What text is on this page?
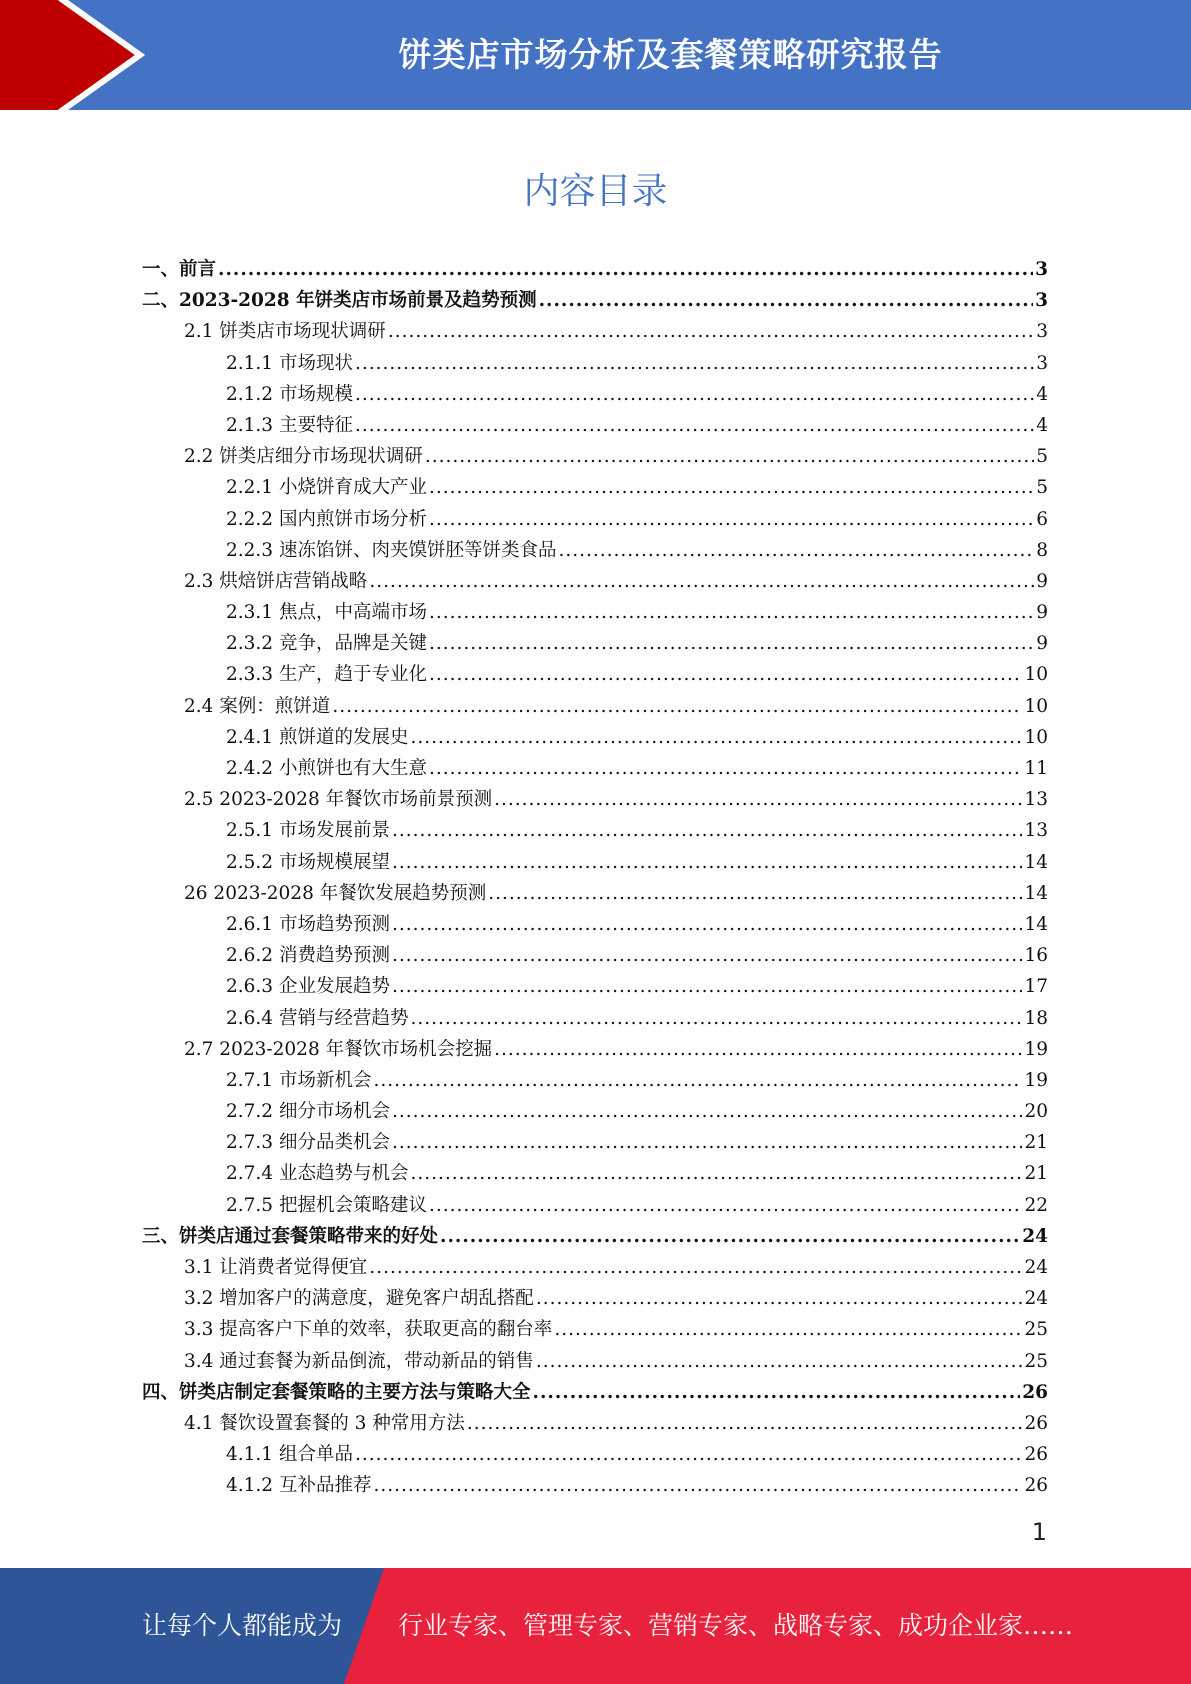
饼类店市场分析及套餐策略研究报告
内容目录
一、前言 .....	3
二、2023-2028 年饼类店市场前景及趋势预测 .....	3
2.1 饼类店市场现状调研 .....	3
2.1.1 市场现状 .....	3
2.1.2 市场规模 .....	4
2.1.3 主要特征 .....	4
2.2 饼类店细分市场现状调研 .....	5
2.2.1 小烧饼育成大产业 .....	5
2.2.2 国内煎饼市场分析 .....	6
2.2.3 速冻馅饼、肉夹馍饼胚等饼类食品 .....	8
2.3 烘焙饼店营销战略 .....	9
2.3.1 焦点，中高端市场 .....	9
2.3.2 竞争，品牌是关键 .....	9
2.3.3 生产，趋于专业化 .....	10
2.4 案例：煎饼道 .....	10
2.4.1 煎饼道的发展史 .....	10
2.4.2 小煎饼也有大生意 .....	11
2.5 2023-2028 年餐饮市场前景预测 .....	13
2.5.1 市场发展前景 .....	13
2.5.2 市场规模展望 .....	14
26 2023-2028 年餐饮发展趋势预测 .....	14
2.6.1 市场趋势预测 .....	14
2.6.2 消费趋势预测 .....	16
2.6.3 企业发展趋势 .....	17
2.6.4 营销与经营趋势 .....	18
2.7 2023-2028 年餐饮市场机会挖掘 .....	19
2.7.1 市场新机会 .....	19
2.7.2 细分市场机会 .....	20
2.7.3 细分品类机会 .....	21
2.7.4 业态趋势与机会 .....	21
2.7.5 把握机会策略建议 .....	22
三、饼类店通过套餐策略带来的好处 .....	24
3.1 让消费者觉得便宜 .....	24
3.2 增加客户的满意度，避免客户胡乱搭配 .....	24
3.3 提高客户下单的效率，获取更高的翻台率 .....	25
3.4 通过套餐为新品倒流，带动新品的销售 .....	25
四、饼类店制定套餐策略的主要方法与策略大全 .....	26
4.1 餐饮设置套餐的 3 种常用方法 .....	26
4.1.1 组合单品 .....	26
4.1.2 互补品推荐 .....	26
1
让每个人都能成为 行业专家、管理专家、营销专家、战略专家、成功企业家……
